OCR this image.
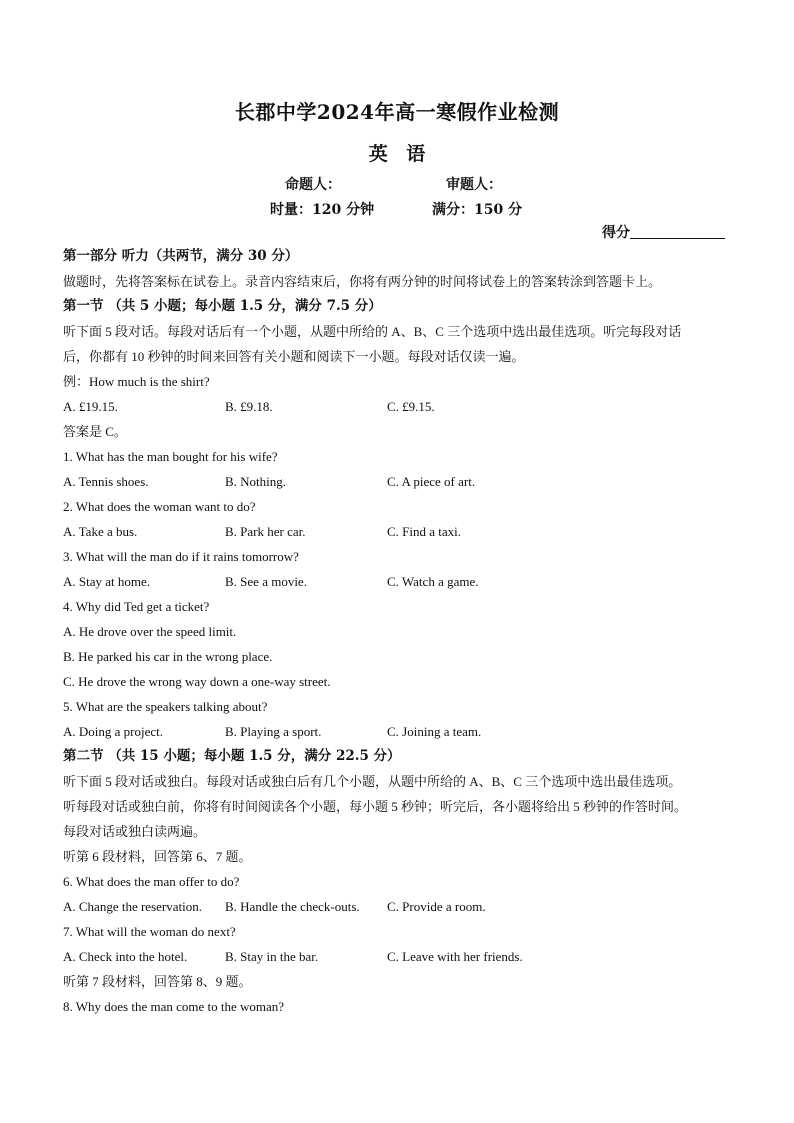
长郡中学2024年高一寒假作业检测
英 语
命题人：	审题人：
时量：120 分钟	满分：150 分
得分
第一部分 听力（共两节，满分 30 分）
做题时，先将答案标在试卷上。录音内容结束后，你将有两分钟的时间将试卷上的答案转涂到答题卡上。
第一节 （共 5 小题；每小题 1.5 分，满分 7.5 分）
听下面 5 段对话。每段对话后有一个小题，从题中所给的 A、B、C 三个选项中选出最佳选项。听完每段对话
后，你都有 10 秒钟的时间来回答有关小题和阅读下一小题。每段对话仅读一遍。
例：How much is the shirt?
A. £19.15.	B. £9.18.	C. £9.15.
答案是 C。
1. What has the man bought for his wife?
A. Tennis shoes.	B. Nothing.	C. A piece of art.
2. What does the woman want to do?
A. Take a bus.	B. Park her car.	C. Find a taxi.
3. What will the man do if it rains tomorrow?
A. Stay at home.	B. See a movie.	C. Watch a game.
4. Why did Ted get a ticket?
A. He drove over the speed limit.
B. He parked his car in the wrong place.
C. He drove the wrong way down a one-way street.
5. What are the speakers talking about?
A. Doing a project.	B. Playing a sport.	C. Joining a team.
第二节 （共 15 小题；每小题 1.5 分，满分 22.5 分）
听下面 5 段对话或独白。每段对话或独白后有几个小题，从题中所给的 A、B、C 三个选项中选出最佳选项。
听每段对话或独白前，你将有时间阅读各个小题，每小题 5 秒钟；听完后，各小题将给出 5 秒钟的作答时间。
每段对话或独白读两遍。
听第 6 段材料，回答第 6、7 题。
6. What does the man offer to do?
A. Change the reservation.	B. Handle the check-outs.	C. Provide a room.
7. What will the woman do next?
A. Check into the hotel.	B. Stay in the bar.	C. Leave with her friends.
听第 7 段材料，回答第 8、9 题。
8. Why does the man come to the woman?
